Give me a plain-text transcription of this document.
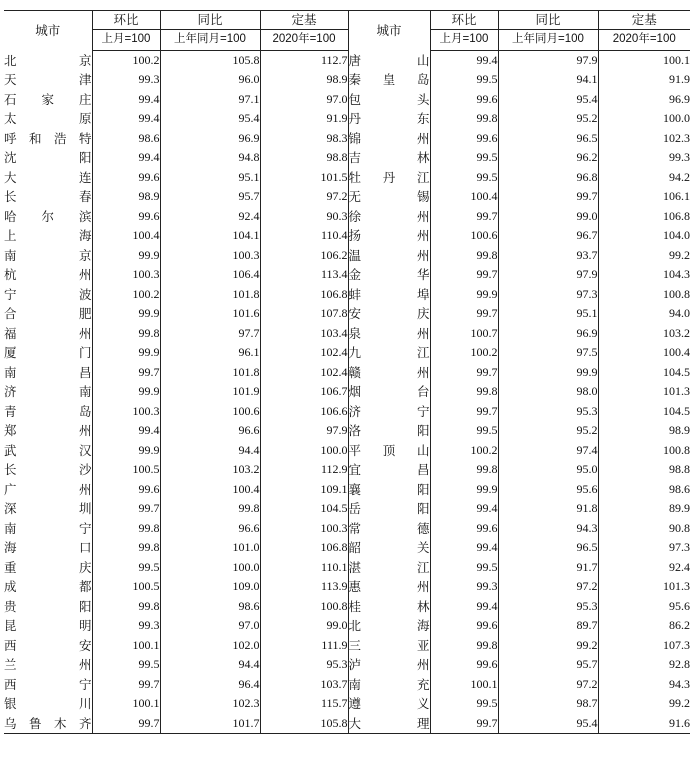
城市	环比	同比	定基	城市	环比	同比	定基
	上月=100	上年同月=100	2020年=100		上月=100	上年同月=100	2020年=100
北京	100.2	105.8	112.7	唐山	99.4	97.9	100.1
天津	99.3	96.0	98.9	秦皇岛	99.5	94.1	91.9
石家庄	99.4	97.1	97.0	包头	99.6	95.4	96.9
太原	99.4	95.4	91.9	丹东	99.8	95.2	100.0
呼和浩特	98.6	96.9	98.3	锦州	99.6	96.5	102.3
沈阳	99.4	94.8	98.8	吉林	99.5	96.2	99.3
大连	99.6	95.1	101.5	牡丹江	99.5	96.8	94.2
长春	98.9	95.7	97.2	无锡	100.4	99.7	106.1
哈尔滨	99.6	92.4	90.3	徐州	99.7	99.0	106.8
上海	100.4	104.1	110.4	扬州	100.6	96.7	104.0
南京	99.9	100.3	106.2	温州	99.8	93.7	99.2
杭州	100.3	106.4	113.4	金华	99.7	97.9	104.3
宁波	100.2	101.8	106.8	蚌埠	99.9	97.3	100.8
合肥	99.9	101.6	107.8	安庆	99.7	95.1	94.0
福州	99.8	97.7	103.4	泉州	100.7	96.9	103.2
厦门	99.9	96.1	102.4	九江	100.2	97.5	100.4
南昌	99.7	101.8	102.4	赣州	99.7	99.9	104.5
济南	99.9	101.9	106.7	烟台	99.8	98.0	101.3
青岛	100.3	100.6	106.6	济宁	99.7	95.3	104.5
郑州	99.4	96.6	97.9	洛阳	99.5	95.2	98.9
武汉	99.9	94.4	100.0	平顶山	100.2	97.4	100.8
长沙	100.5	103.2	112.9	宜昌	99.8	95.0	98.8
广州	99.6	100.4	109.1	襄阳	99.9	95.6	98.6
深圳	99.7	99.8	104.5	岳阳	99.4	91.8	89.9
南宁	99.8	96.6	100.3	常德	99.6	94.3	90.8
海口	99.8	101.0	106.8	韶关	99.4	96.5	97.3
重庆	99.5	100.0	110.1	湛江	99.5	91.7	92.4
成都	100.5	109.0	113.9	惠州	99.3	97.2	101.3
贵阳	99.8	98.6	100.8	桂林	99.4	95.3	95.6
昆明	99.3	97.0	99.0	北海	99.6	89.7	86.2
西安	100.1	102.0	111.9	三亚	99.8	99.2	107.3
兰州	99.5	94.4	95.3	泸州	99.6	95.7	92.8
西宁	99.7	96.4	103.7	南充	100.1	97.2	94.3
银川	100.1	102.3	115.7	遵义	99.5	98.7	99.2
乌鲁木齐	99.7	101.7	105.8	大理	99.7	95.4	91.6
